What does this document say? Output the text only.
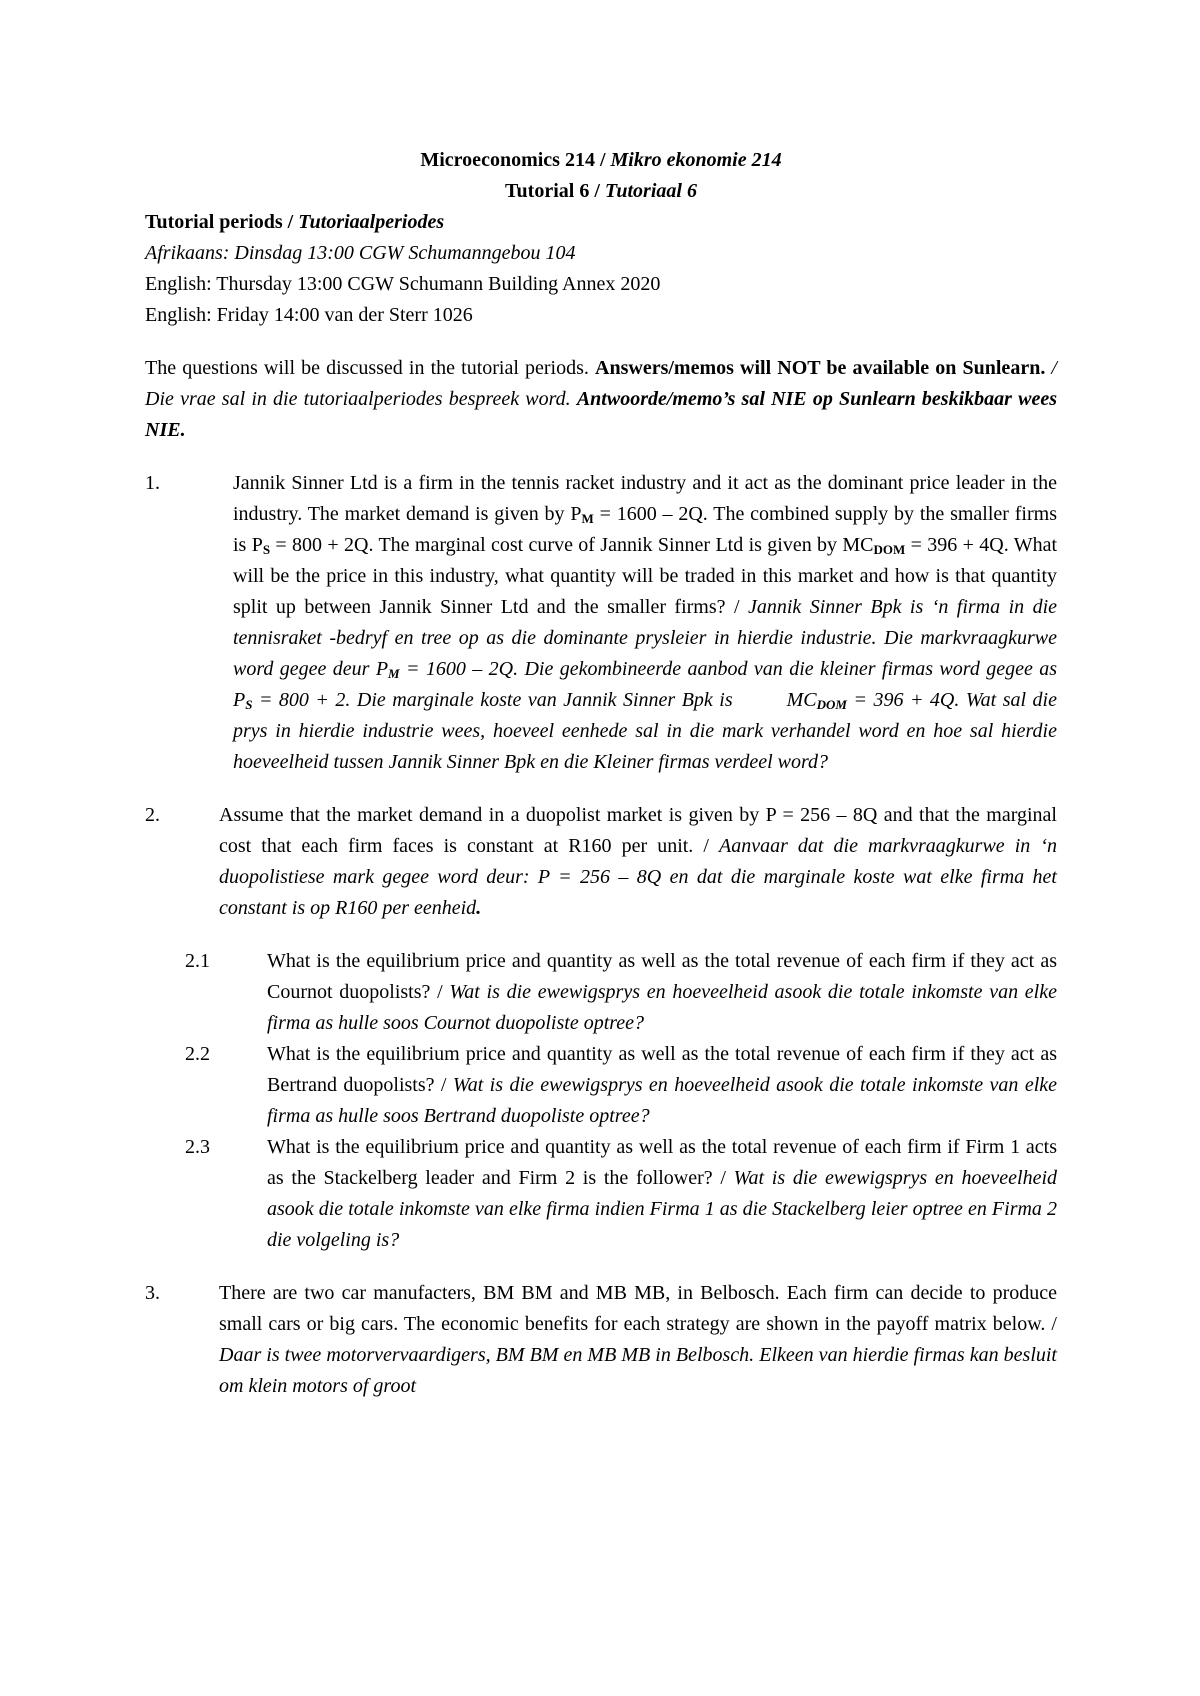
Microeconomics 214 / Mikro ekonomie 214

Tutorial 6 / Tutoriaal 6

Tutorial periods / Tutoriaalperiodes

Afrikaans: Dinsdag 13:00 CGW Schumanngebou 104

English: Thursday 13:00 CGW Schumann Building Annex 2020

English: Friday 14:00 van der Sterr 1026

The questions will be discussed in the tutorial periods. Answers/memos will NOT be available on Sunlearn. / Die vrae sal in die tutoriaalperiodes bespreek word. Antwoorde/memo’s sal NIE op Sunlearn beskikbaar wees NIE.

1.	Jannik Sinner Ltd is a firm in the tennis racket industry and it act as the dominant price leader in the industry. The market demand is given by $P_M = 1600 - 2Q$. The combined supply by the smaller firms is $P_S = 800 + 2Q$. The marginal cost curve of Jannik Sinner Ltd is given by $MC_{DOM} = 396 + 4Q$. What will be the price in this industry, what quantity will be traded in this market and how is that quantity split up between Jannik Sinner Ltd and the smaller firms? / Jannik Sinner Bpk is ‘n firma in die tennisraket -bedryf en tree op as die dominante prysleier in hierdie industrie. Die markvraagkurwe word gegee deur $P_M = 1600 - 2Q$. Die gekombineerde aanbod van die kleiner firmas word gegee as $P_S = 800 + 2$. Die marginale koste van Jannik Sinner Bpk is	$MC_{DOM} = 396 + 4Q$. Wat sal die prys in hierdie industrie wees, hoeveel eenhede sal in die mark verhandel word en hoe sal hierdie hoeveelheid tussen Jannik Sinner Bpk en die Kleiner firmas verdeel word?
2.	Assume that the market demand in a duopolist market is given by P = 256 – 8Q and that the marginal cost that each firm faces is constant at R160 per unit. / Aanvaar dat die markvraagkurwe in ‘n duopolistiese mark gegee word deur: P = 256 – 8Q en dat die marginale koste wat elke firma het constant is op R160 per eenheid.
2.1	What is the equilibrium price and quantity as well as the total revenue of each firm if they act as Cournot duopolists? / Wat is die ewewigsprys en hoeveelheid asook die totale inkomste van elke firma as hulle soos Cournot duopoliste optree?
2.2	What is the equilibrium price and quantity as well as the total revenue of each firm if they act as Bertrand duopolists? / Wat is die ewewigsprys en hoeveelheid asook die totale inkomste van elke firma as hulle soos Bertrand duopoliste optree?
2.3	What is the equilibrium price and quantity as well as the total revenue of each firm if Firm 1 acts as the Stackelberg leader and Firm 2 is the follower? / Wat is die ewewigsprys en hoeveelheid asook die totale inkomste van elke firma indien Firma 1 as die Stackelberg leier optree en Firma 2 die volgeling is?
3.	There are two car manufacters, BM BM and MB MB, in Belbosch. Each firm can decide to produce small cars or big cars. The economic benefits for each strategy are shown in the payoff matrix below. / Daar is twee motorvervaardigers, BM BM en MB MB in Belbosch. Elkeen van hierdie firmas kan besluit om klein motors of groot
